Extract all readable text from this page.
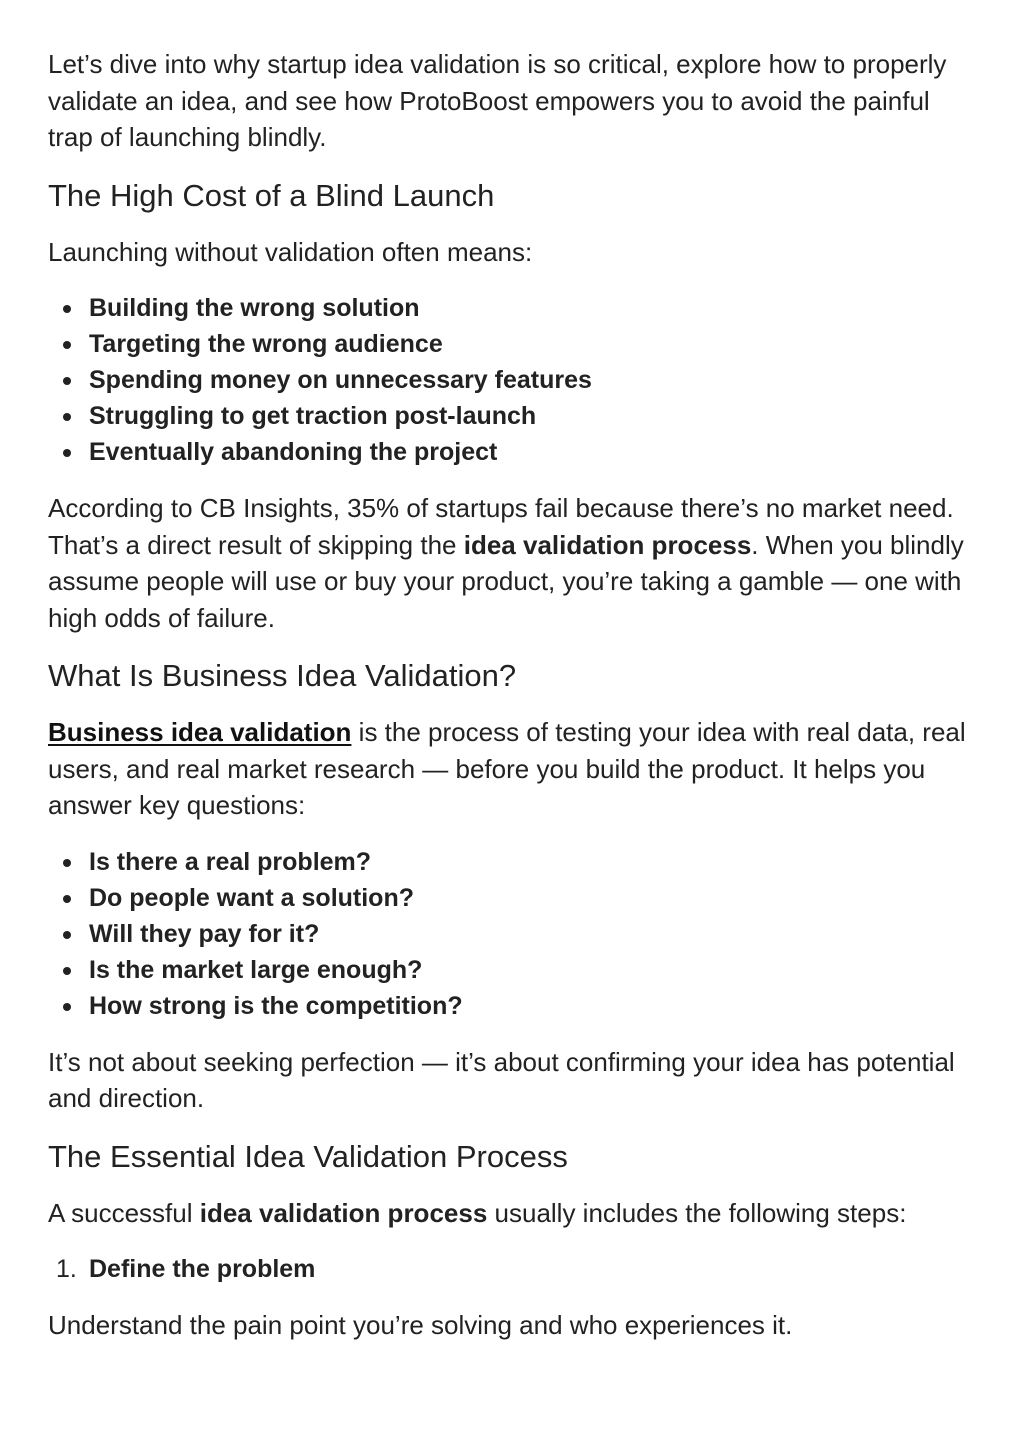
Let’s dive into why startup idea validation is so critical, explore how to properly validate an idea, and see how ProtoBoost empowers you to avoid the painful trap of launching blindly.

The High Cost of a Blind Launch

Launching without validation often means:

Building the wrong solution
Targeting the wrong audience
Spending money on unnecessary features
Struggling to get traction post-launch
Eventually abandoning the project

According to CB Insights, 35% of startups fail because there’s no market need. That’s a direct result of skipping the idea validation process. When you blindly assume people will use or buy your product, you’re taking a gamble — one with high odds of failure.

What Is Business Idea Validation?

Business idea validation is the process of testing your idea with real data, real users, and real market research — before you build the product. It helps you answer key questions:

Is there a real problem?
Do people want a solution?
Will they pay for it?
Is the market large enough?
How strong is the competition?

It’s not about seeking perfection — it’s about confirming your idea has potential and direction.

The Essential Idea Validation Process

A successful idea validation process usually includes the following steps:

1. Define the problem

Understand the pain point you’re solving and who experiences it.
